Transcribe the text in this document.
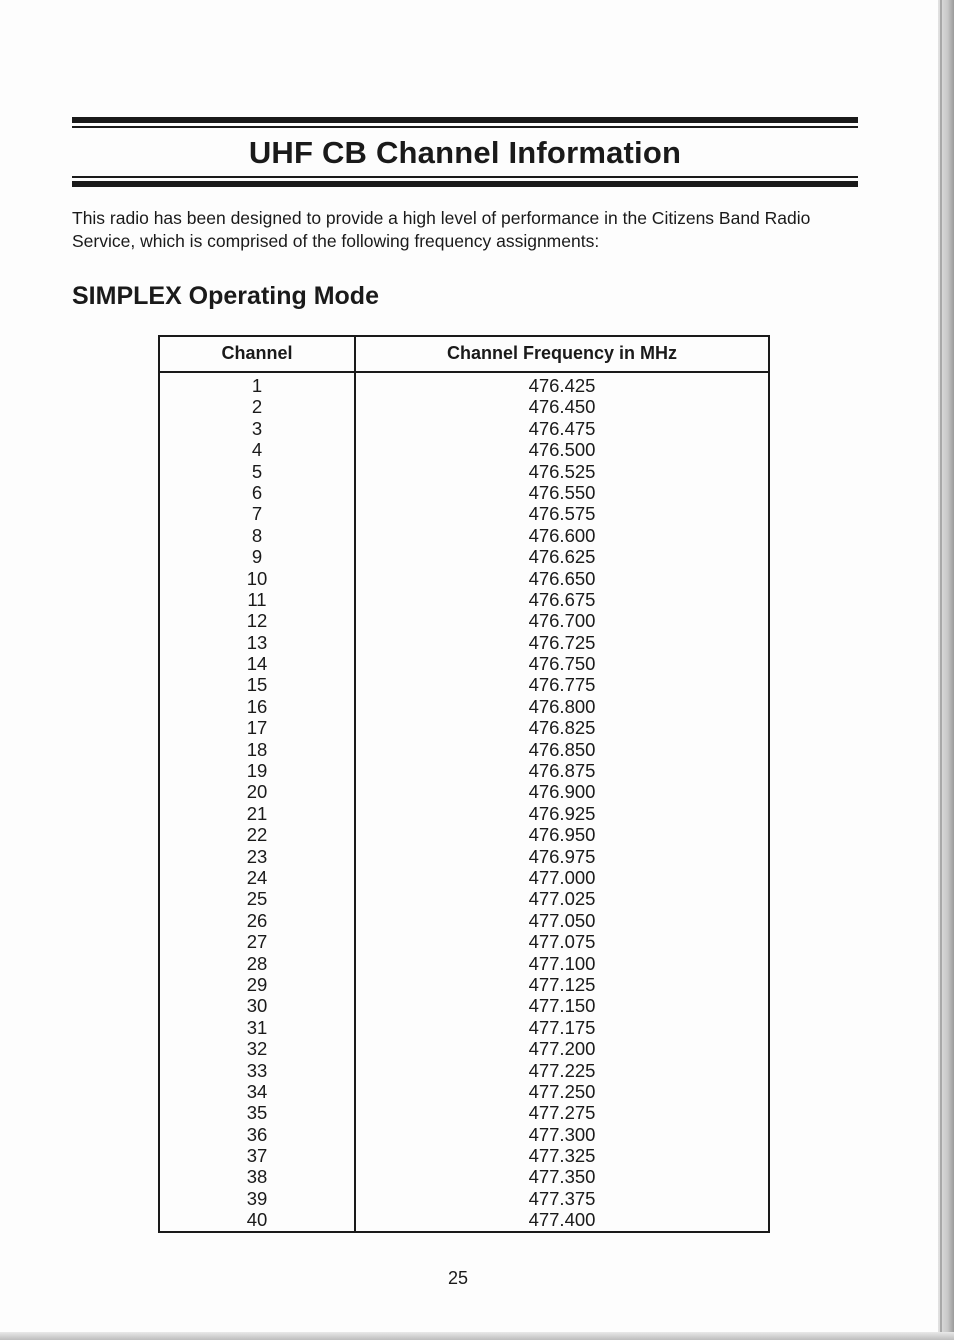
UHF CB Channel Information

This radio has been designed to provide a high level of performance in the Citizens Band Radio Service, which is comprised of the following frequency assignments:

SIMPLEX Operating Mode
Channel	Channel Frequency in MHz
1	476.425
2	476.450
3	476.475
4	476.500
5	476.525
6	476.550
7	476.575
8	476.600
9	476.625
10	476.650
11	476.675
12	476.700
13	476.725
14	476.750
15	476.775
16	476.800
17	476.825
18	476.850
19	476.875
20	476.900
21	476.925
22	476.950
23	476.975
24	477.000
25	477.025
26	477.050
27	477.075
28	477.100
29	477.125
30	477.150
31	477.175
32	477.200
33	477.225
34	477.250
35	477.275
36	477.300
37	477.325
38	477.350
39	477.375
40	477.400

25
